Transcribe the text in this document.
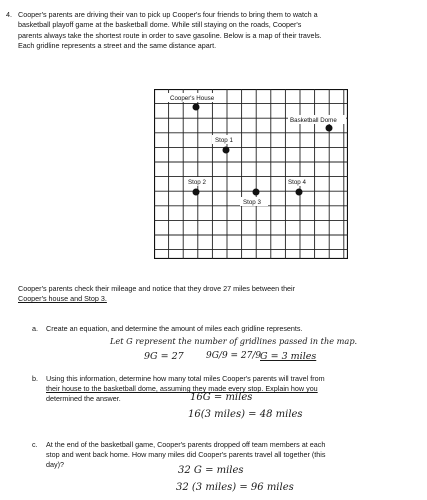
4. Cooper's parents are driving their van to pick up Cooper's four friends to bring them to watch a
basketball playoff game at the basketball dome. While still staying on the roads, Cooper's
parents always take the shortest route in order to save gasoline. Below is a map of their travels.
Each gridline represents a street and the same distance apart.
Cooper's House
Basketball Dome
Stop 1
Stop 2
Stop 3
Stop 4
Cooper's parents check their mileage and notice that they drove 27 miles between their
Cooper's house and Stop 3.
a. Create an equation, and determine the amount of miles each gridline represents.
Let G represent the number of gridlines passed in the map.
9G = 27 9G/9 = 27/9
G = 3 miles
b. Using this information, determine how many total miles Cooper's parents will travel from
their house to the basketball dome, assuming they made every stop. Explain how you
determined the answer.	16G = miles
16(3 miles) = 48 miles
c. At the end of the basketball game, Cooper's parents dropped off team members at each
stop and went back home. How many miles did Cooper's parents travel all together (this
day)?
32 G = miles
32 (3 miles) = 96 miles
